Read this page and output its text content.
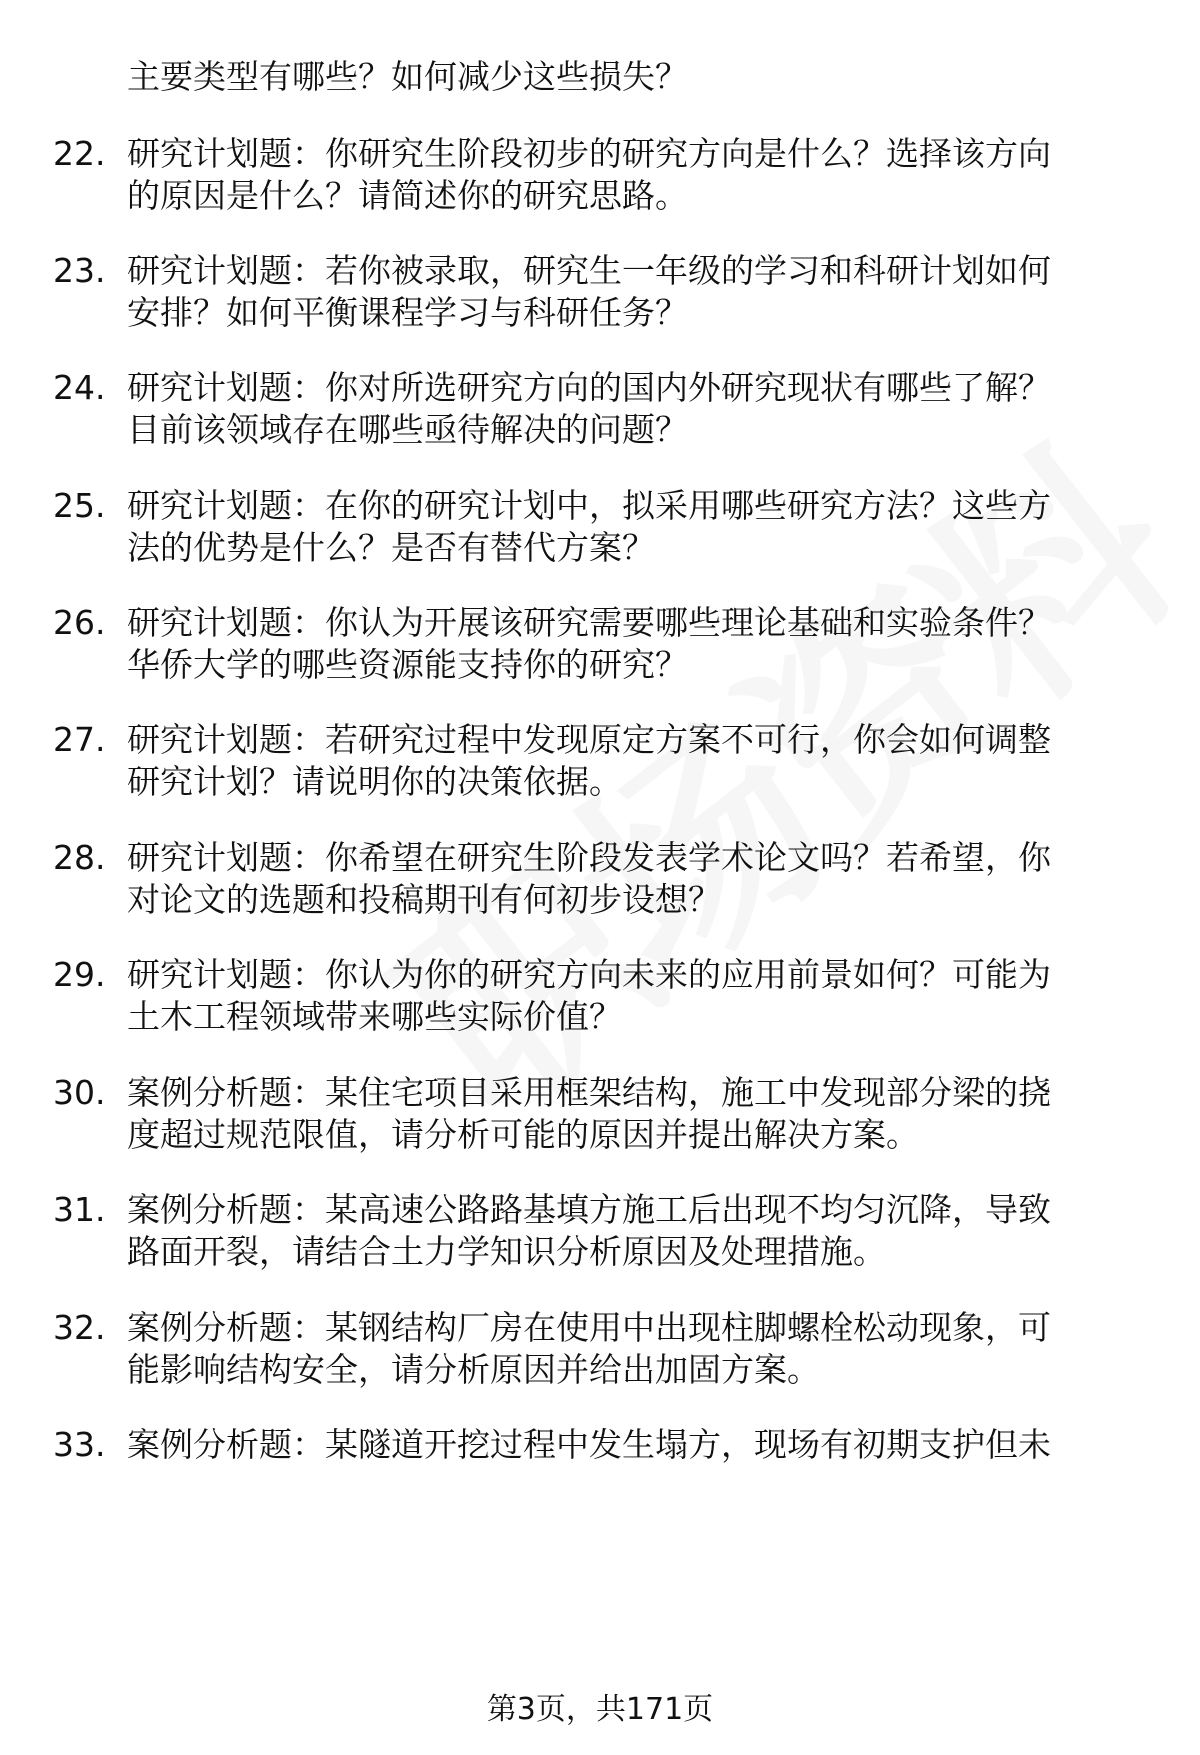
主要类型有哪些？如何减少这些损失？
22. 研究计划题：你研究生阶段初步的研究方向是什么？选择该方向
的原因是什么？请简述你的研究思路。
23. 研究计划题：若你被录取，研究生一年级的学习和科研计划如何
安排？如何平衡课程学习与科研任务？
24. 研究计划题：你对所选研究方向的国内外研究现状有哪些了解？
目前该领域存在哪些亟待解决的问题？
25. 研究计划题：在你的研究计划中，拟采用哪些研究方法？这些方
法的优势是什么？是否有替代方案？
26. 研究计划题：你认为开展该研究需要哪些理论基础和实验条件？
华侨大学的哪些资源能支持你的研究？
27. 研究计划题：若研究过程中发现原定方案不可行，你会如何调整
研究计划？请说明你的决策依据。
28. 研究计划题：你希望在研究生阶段发表学术论文吗？若希望，你
对论文的选题和投稿期刊有何初步设想？
29. 研究计划题：你认为你的研究方向未来的应用前景如何？可能为
土木工程领域带来哪些实际价值？
30. 案例分析题：某住宅项目采用框架结构，施工中发现部分梁的挠
度超过规范限值，请分析可能的原因并提出解决方案。
31. 案例分析题：某高速公路路基填方施工后出现不均匀沉降，导致
路面开裂，请结合土力学知识分析原因及处理措施。
32. 案例分析题：某钢结构厂房在使用中出现柱脚螺栓松动现象，可
能影响结构安全，请分析原因并给出加固方案。
33. 案例分析题：某隧道开挖过程中发生塌方，现场有初期支护但未
第3页，共171页
